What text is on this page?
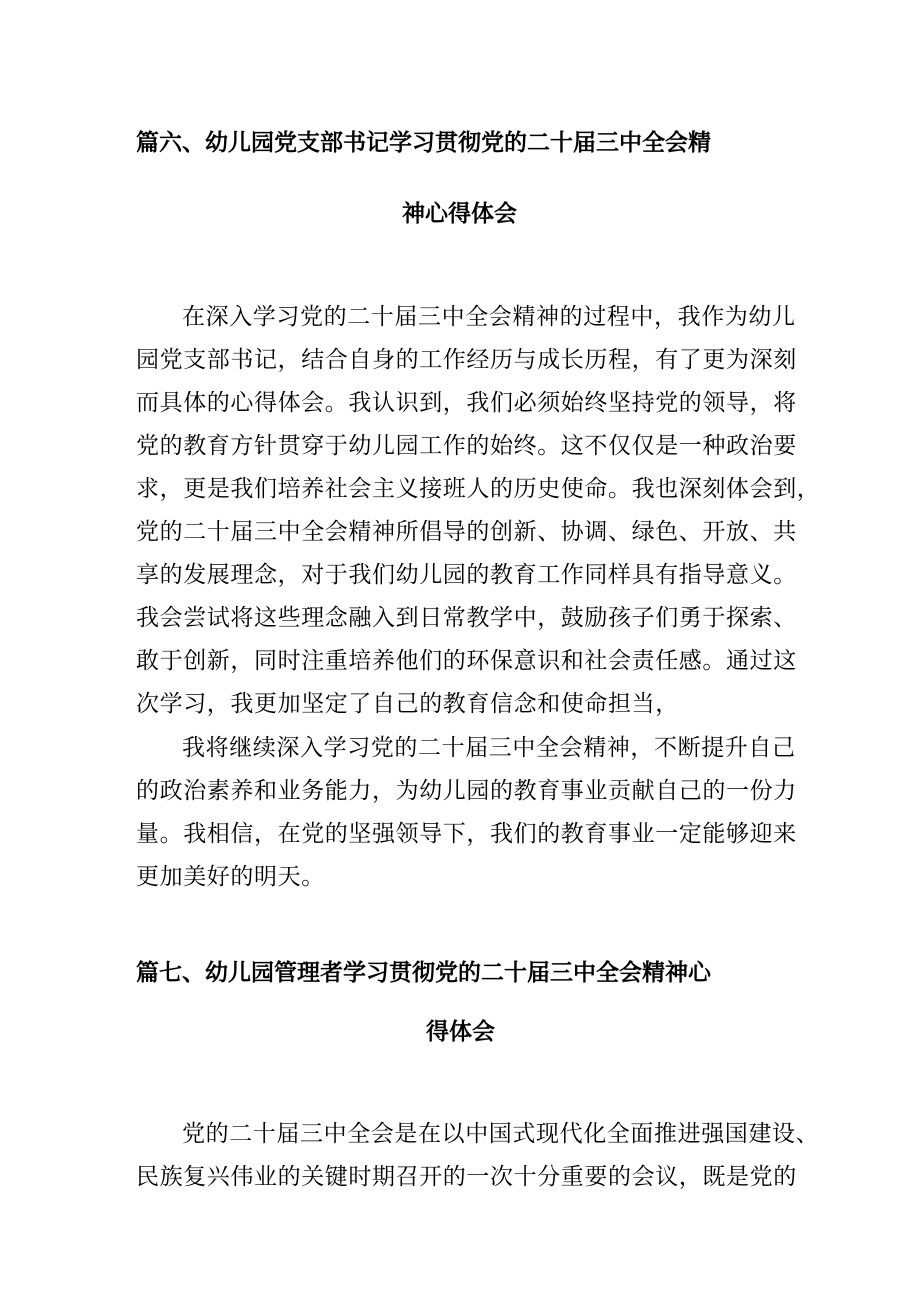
篇六、幼儿园党支部书记学习贯彻党的二十届三中全会精
神心得体会
在深入学习党的二十届三中全会精神的过程中，我作为幼儿
园党支部书记，结合自身的工作经历与成长历程，有了更为深刻
而具体的心得体会。我认识到，我们必须始终坚持党的领导，将
党的教育方针贯穿于幼儿园工作的始终。这不仅仅是一种政治要
求，更是我们培养社会主义接班人的历史使命。我也深刻体会到，
党的二十届三中全会精神所倡导的创新、协调、绿色、开放、共
享的发展理念，对于我们幼儿园的教育工作同样具有指导意义。
我会尝试将这些理念融入到日常教学中，鼓励孩子们勇于探索、
敢于创新，同时注重培养他们的环保意识和社会责任感。通过这
次学习，我更加坚定了自己的教育信念和使命担当，
我将继续深入学习党的二十届三中全会精神，不断提升自己
的政治素养和业务能力，为幼儿园的教育事业贡献自己的一份力
量。我相信，在党的坚强领导下，我们的教育事业一定能够迎来
更加美好的明天。
篇七、幼儿园管理者学习贯彻党的二十届三中全会精神心
得体会
党的二十届三中全会是在以中国式现代化全面推进强国建设、
民族复兴伟业的关键时期召开的一次十分重要的会议，既是党的
